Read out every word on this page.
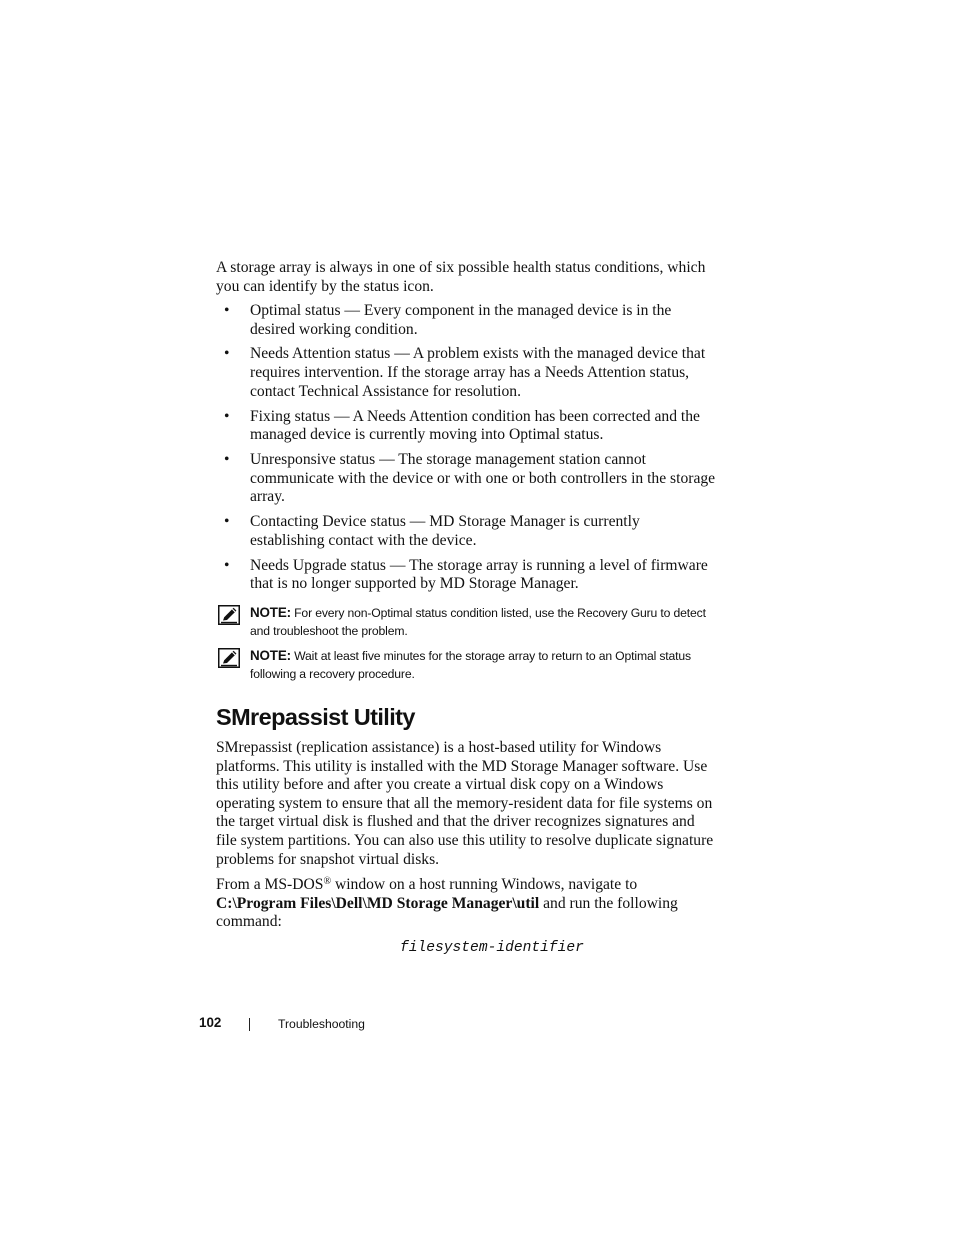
A storage array is always in one of six possible health status conditions, which you can identify by the status icon.

• Optimal status — Every component in the managed device is in the desired working condition.
• Needs Attention status — A problem exists with the managed device that requires intervention. If the storage array has a Needs Attention status, contact Technical Assistance for resolution.
• Fixing status — A Needs Attention condition has been corrected and the managed device is currently moving into Optimal status.
• Unresponsive status — The storage management station cannot communicate with the device or with one or both controllers in the storage array.
• Contacting Device status — MD Storage Manager is currently establishing contact with the device.
• Needs Upgrade status — The storage array is running a level of firmware that is no longer supported by MD Storage Manager.
NOTE: For every non-Optimal status condition listed, use the Recovery Guru to detect and troubleshoot the problem.
NOTE: Wait at least five minutes for the storage array to return to an Optimal status following a recovery procedure.
SMrepassist Utility

SMrepassist (replication assistance) is a host-based utility for Windows platforms. This utility is installed with the MD Storage Manager software. Use this utility before and after you create a virtual disk copy on a Windows operating system to ensure that all the memory-resident data for file systems on the target virtual disk is flushed and that the driver recognizes signatures and file system partitions. You can also use this utility to resolve duplicate signature problems for snapshot virtual disks.

From a MS-DOS® window on a host running Windows, navigate to C:\Program Files\Dell\MD Storage Manager\util and run the following command:

filesystem-identifier
102	Troubleshooting
